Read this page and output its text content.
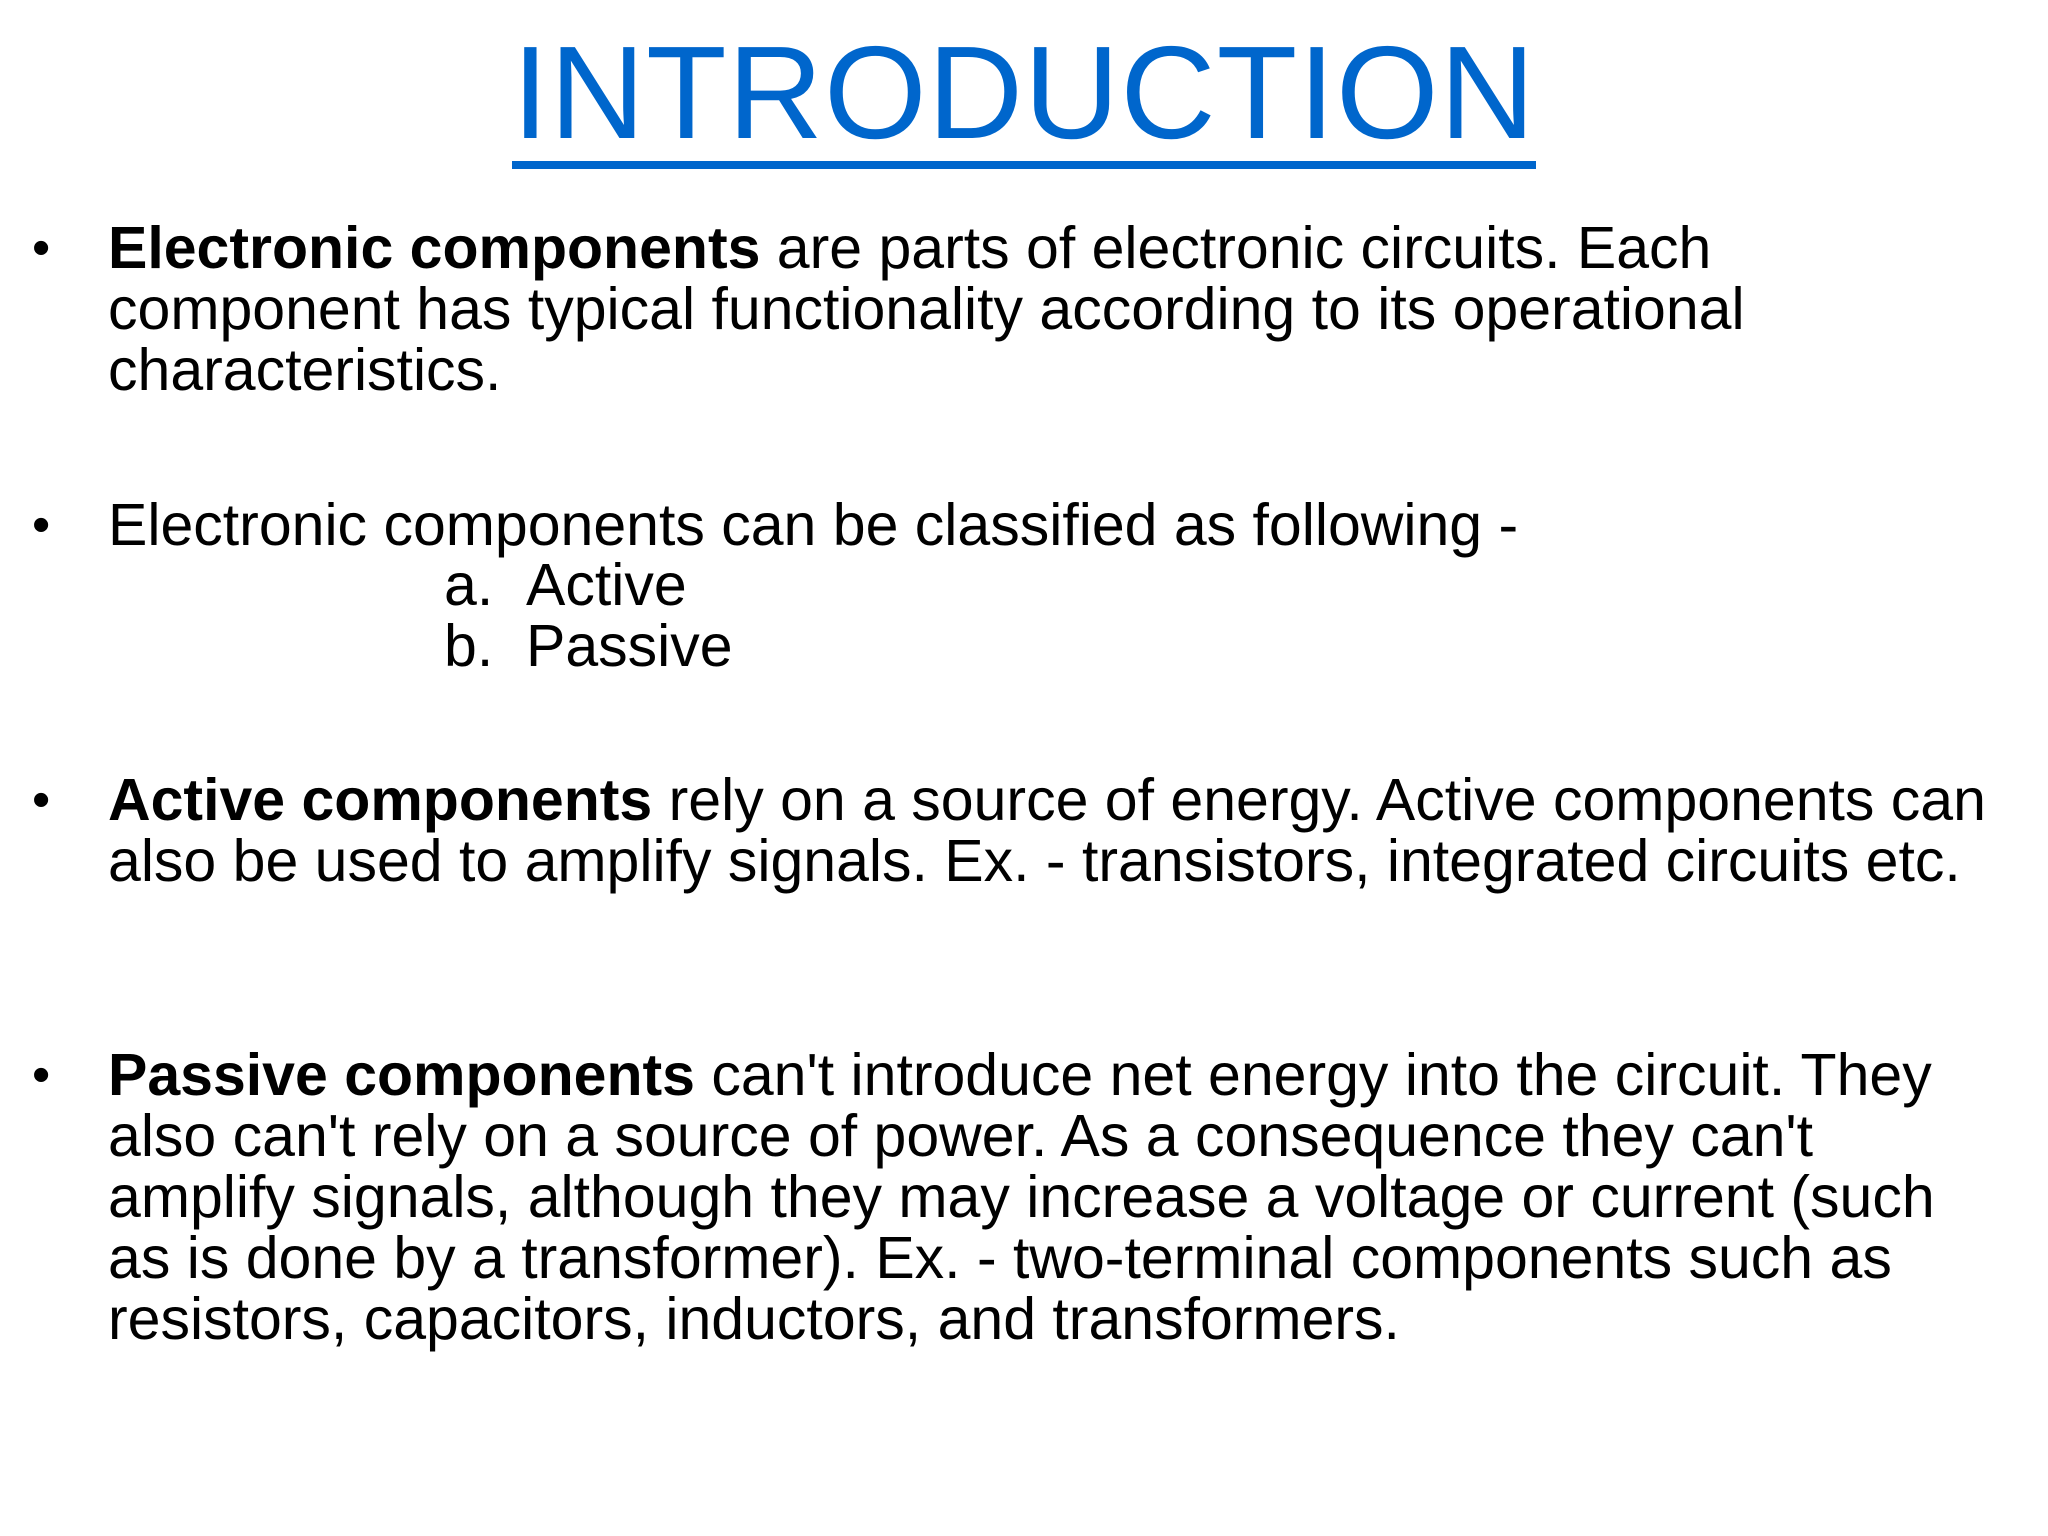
INTRODUCTION
• Electronic components are parts of electronic circuits. Each component has typical functionality according to its operational characteristics.
• Electronic components can be classified as following -
a. Active
b. Passive
• Active components rely on a source of energy. Active components can also be used to amplify signals. Ex. - transistors, integrated circuits etc.
• Passive components can't introduce net energy into the circuit. They also can't rely on a source of power. As a consequence they can't amplify signals, although they may increase a voltage or current (such as is done by a transformer). Ex. - two-terminal components such as resistors, capacitors, inductors, and transformers.
